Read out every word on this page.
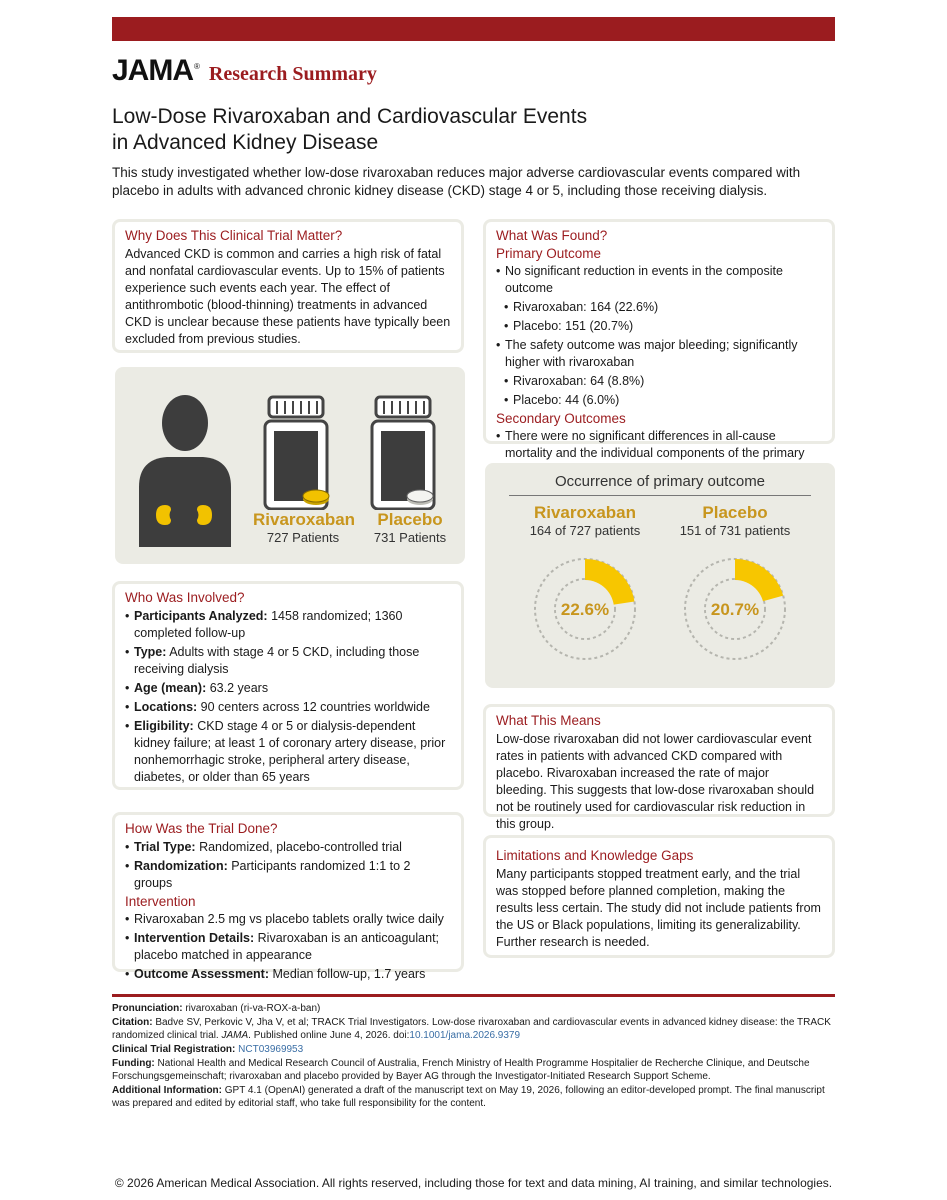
JAMA® Research Summary
Low-Dose Rivaroxaban and Cardiovascular Events
in Advanced Kidney Disease
This study investigated whether low-dose rivaroxaban reduces major adverse cardiovascular events compared with placebo in adults with advanced chronic kidney disease (CKD) stage 4 or 5, including those receiving dialysis.
Why Does This Clinical Trial Matter?

Advanced CKD is common and carries a high risk of fatal and nonfatal cardiovascular events. Up to 15% of patients experience such events each year. The effect of antithrombotic (blood-thinning) treatments in advanced CKD is unclear because these patients have typically been excluded from previous studies.

Rivaroxaban
727 Patients
Placebo
731 Patients
Who Was Involved?
• Participants Analyzed: 1458 randomized; 1360 completed follow-up
• Type: Adults with stage 4 or 5 CKD, including those receiving dialysis
• Age (mean): 63.2 years
• Locations: 90 centers across 12 countries worldwide
• Eligibility: CKD stage 4 or 5 or dialysis-dependent kidney failure; at least 1 of coronary artery disease, prior nonhemorrhagic stroke, peripheral artery disease, diabetes, or older than 65 years
How Was the Trial Done?
• Trial Type: Randomized, placebo-controlled trial
• Randomization: Participants randomized 1:1 to 2 groups
Intervention
• Rivaroxaban 2.5 mg vs placebo tablets orally twice daily
• Intervention Details: Rivaroxaban is an anticoagulant; placebo matched in appearance
• Outcome Assessment: Median follow-up, 1.7 years
What Was Found?
Primary Outcome
• No significant reduction in events in the composite outcome
• Rivaroxaban: 164 (22.6%)
• Placebo: 151 (20.7%)
• The safety outcome was major bleeding; significantly higher with rivaroxaban
• Rivaroxaban: 64 (8.8%)
• Placebo: 44 (6.0%)
Secondary Outcomes
• There were no significant differences in all-cause mortality and the individual components of the primary
Occurrence of primary outcome
Rivaroxaban
164 of 727 patients
Placebo
151 of 731 patients
22.6%	20.7%
What This Means

Low-dose rivaroxaban did not lower cardiovascular event rates in patients with advanced CKD compared with placebo. Rivaroxaban increased the rate of major bleeding. This suggests that low-dose rivaroxaban should not be routinely used for cardiovascular risk reduction in this group.

Limitations and Knowledge Gaps

Many participants stopped treatment early, and the trial was stopped before planned completion, making the results less certain. The study did not include patients from the US or Black populations, limiting its generalizability. Further research is needed.

Pronunciation: rivaroxaban (ri-va-ROX-a-ban)
Citation: Badve SV, Perkovic V, Jha V, et al; TRACK Trial Investigators. Low-dose rivaroxaban and cardiovascular events in advanced kidney disease: the TRACK randomized clinical trial. JAMA. Published online June 4, 2026. doi:10.1001/jama.2026.9379
Clinical Trial Registration: NCT03969953
Funding: National Health and Medical Research Council of Australia, French Ministry of Health Programme Hospitalier de Recherche Clinique, and Deutsche Forschungsgemeinschaft; rivaroxaban and placebo provided by Bayer AG through the Investigator-Initiated Research Support Scheme.
Additional Information: GPT 4.1 (OpenAI) generated a draft of the manuscript text on May 19, 2026, following an editor-developed prompt. The final manuscript was prepared and edited by editorial staff, who take full responsibility for the content.
© 2026 American Medical Association. All rights reserved, including those for text and data mining, AI training, and similar technologies.
